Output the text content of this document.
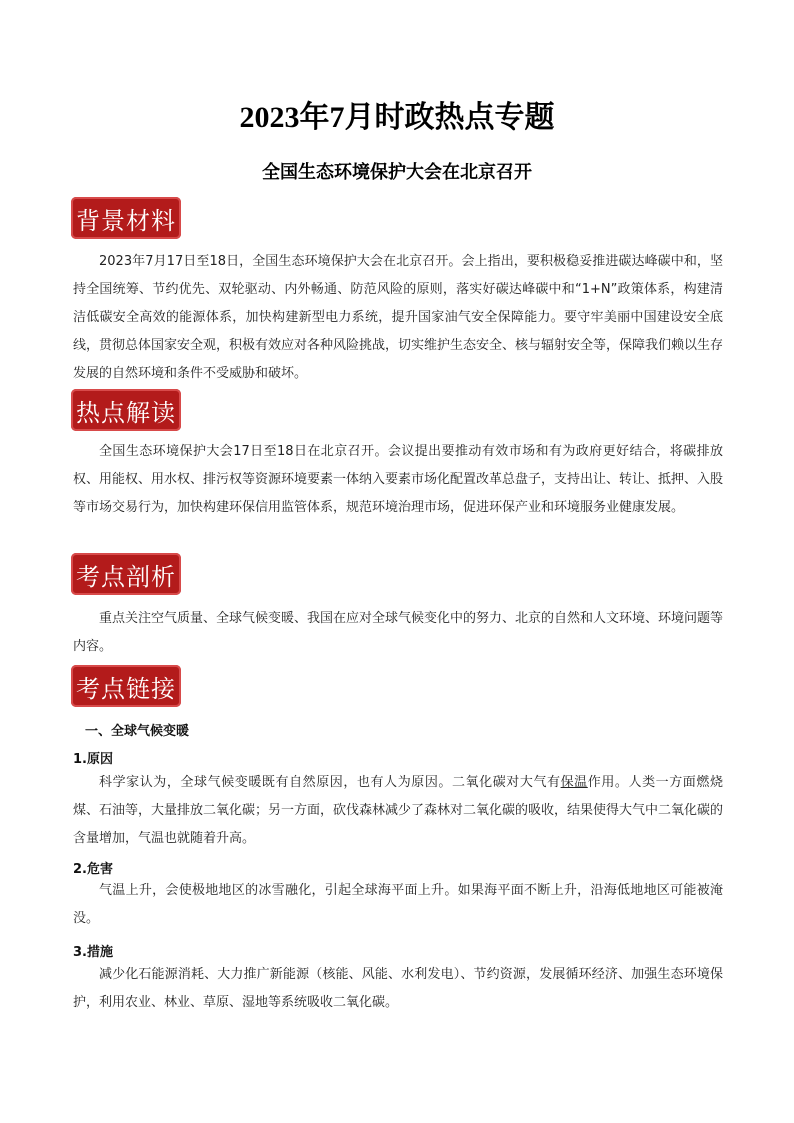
2023年7月时政热点专题
全国生态环境保护大会在北京召开
背景材料
2023年7月17日至18日，全国生态环境保护大会在北京召开。会上指出，要积极稳妥推进碳达峰碳中和，坚持全国统筹、节约优先、双轮驱动、内外畅通、防范风险的原则，落实好碳达峰碳中和“1+N”政策体系，构建清洁低碳安全高效的能源体系，加快构建新型电力系统，提升国家油气安全保障能力。要守牢美丽中国建设安全底线，贯彻总体国家安全观，积极有效应对各种风险挑战，切实维护生态安全、核与辐射安全等，保障我们赖以生存发展的自然环境和条件不受威胁和破坏。
热点解读
全国生态环境保护大会17日至18日在北京召开。会议提出要推动有效市场和有为政府更好结合，将碳排放权、用能权、用水权、排污权等资源环境要素一体纳入要素市场化配置改革总盘子，支持出让、转让、抵押、入股等市场交易行为，加快构建环保信用监管体系，规范环境治理市场，促进环保产业和环境服务业健康发展。
考点剖析
重点关注空气质量、全球气候变暖、我国在应对全球气候变化中的努力、北京的自然和人文环境、环境问题等内容。
考点链接
一、全球气候变暖
1.原因
科学家认为，全球气候变暖既有自然原因，也有人为原因。二氧化碳对大气有保温作用。人类一方面燃烧煤、石油等，大量排放二氧化碳；另一方面，砍伐森林减少了森林对二氧化碳的吸收，结果使得大气中二氧化碳的含量增加，气温也就随着升高。
2.危害
气温上升，会使极地地区的冰雪融化，引起全球海平面上升。如果海平面不断上升，沿海低地地区可能被淹没。
3.措施
减少化石能源消耗、大力推广新能源（核能、风能、水利发电）、节约资源，发展循环经济、加强生态环境保护，利用农业、林业、草原、湿地等系统吸收二氧化碳。
